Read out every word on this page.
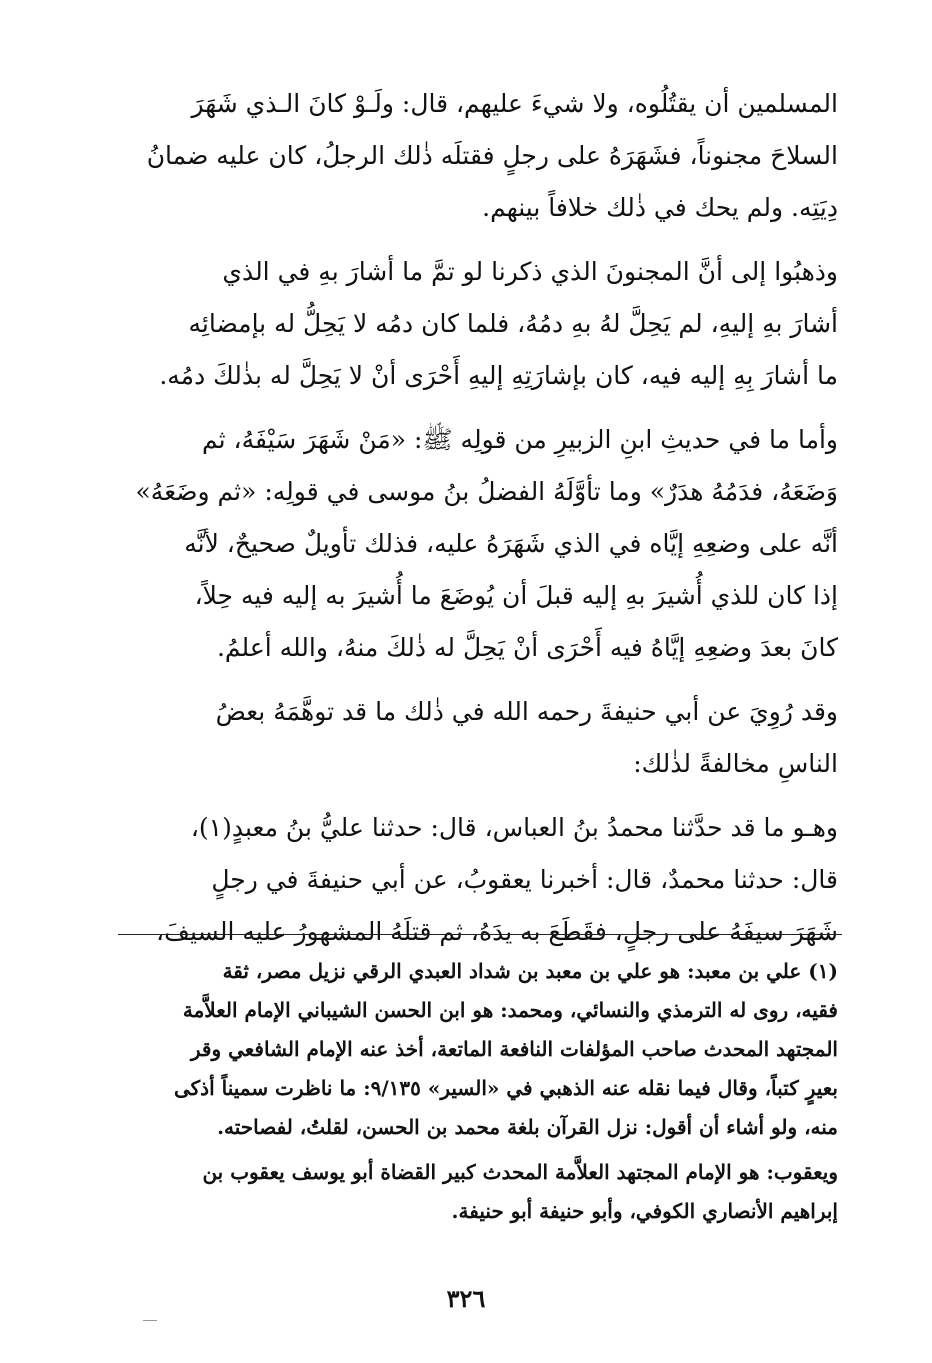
المسلمين أن يقتُلُوه، ولا شيءَ عليهم، قال: ولَـوْ كانَ الـذي شَهَرَ
السلاحَ مجنوناً، فشَهَرَهُ على رجلٍ فقتلَه ذٰلك الرجلُ، كان عليه ضمانُ
دِيَتِه. ولم يحك في ذٰلك خلافاً بينهم.

وذهبُوا إلى أنَّ المجنونَ الذي ذكرنا لو تمَّ ما أشارَ بهِ في الذي
أشارَ بهِ إليهِ، لم يَحِلَّ لهُ بهِ دمُهُ، فلما كان دمُه لا يَحِلُّ له بإمضائِه
ما أشارَ بِهِ إليه فيه، كان بإشارَتِهِ إليهِ أَحْرَى أنْ لا يَحِلَّ له بذٰلكَ دمُه.

وأما ما في حديثِ ابنِ الزبيرِ من قولِه ﷺ: «مَنْ شَهَرَ سَيْفَهُ، ثم
وَضَعَهُ، فدَمُهُ هدَرٌ» وما تأوَّلَهُ الفضلُ بنُ موسى في قولِه: «ثم وضَعَهُ»
أنَّه على وضعِهِ إيَّاه في الذي شَهَرَهُ عليه، فذلك تأويلٌ صحيحٌ، لأنَّه
إذا كان للذي أُشيرَ بهِ إليه قبلَ أن يُوضَعَ ما أُشيرَ به إليه فيه حِلاً،
كانَ بعدَ وضعِهِ إيَّاهُ فيه أَحْرَى أنْ يَحِلَّ له ذٰلكَ منهُ، والله أعلمُ.

وقد رُوِيَ عن أبي حنيفةَ رحمه الله في ذٰلك ما قد توهَّمَهُ بعضُ
الناسِ مخالفةً لذٰلك:

وهـو ما قد حدَّثنا محمدُ بنُ العباس، قال: حدثنا عليُّ بنُ معبدٍ(١)،
قال: حدثنا محمدٌ، قال: أخبرنا يعقوبُ، عن أبي حنيفةَ في رجلٍ
شَهَرَ سيفَهُ على رجلٍ، فقَطَعَ به يدَهُ، ثم قتلَهُ المشهورُ عليه السيفَ،

(١) علي بن معبد: هو علي بن معبد بن شداد العبدي الرقي نزيل مصر، ثقة
فقيه، روى له الترمذي والنسائي، ومحمد: هو ابن الحسن الشيباني الإمام العلاَّمة
المجتهد المحدث صاحب المؤلفات النافعة الماتعة، أخذ عنه الإمام الشافعي وقر
بعيرٍ كتباً، وقال فيما نقله عنه الذهبي في «السير» ٩/١٣٥: ما ناظرت سميناً أذكى
منه، ولو أشاء أن أقول: نزل القرآن بلغة محمد بن الحسن، لقلتُ، لفصاحته.

ويعقوب: هو الإمام المجتهد العلاَّمة المحدث كبير القضاة أبو يوسف يعقوب بن
إبراهيم الأنصاري الكوفي، وأبو حنيفة أبو حنيفة.

٣٢٦
